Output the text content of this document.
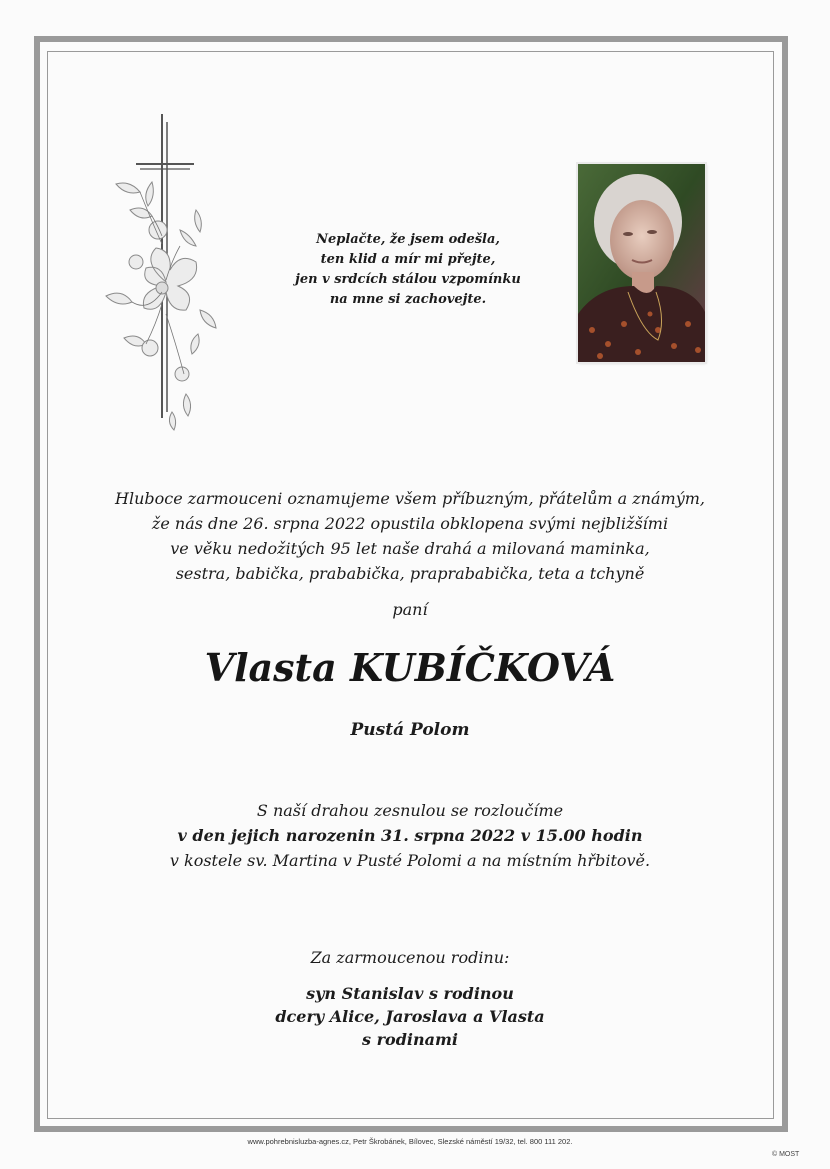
Neplačte, že jsem odešla,
ten klid a mír mi přejte,
jen v srdcích stálou vzpomínku
na mne si zachovejte.
Hluboce zarmouceni oznamujeme všem příbuzným, přátelům a známým,
že nás dne 26. srpna 2022 opustila obklopena svými nejbližšími
ve věku nedožitých 95 let naše drahá a milovaná maminka,
sestra, babička, prababička, praprababička, teta a tchyně
paní
Vlasta KUBÍČKOVÁ
Pustá Polom
S naší drahou zesnulou se rozloučíme
v den jejich narozenin 31. srpna 2022 v 15.00 hodin
v kostele sv. Martina v Pusté Polomi a na místním hřbitově.
Za zarmoucenou rodinu:
syn Stanislav s rodinou
dcery Alice, Jaroslava a Vlasta
s rodinami
www.pohrebnisluzba-agnes.cz, Petr Škrobánek, Bílovec, Slezské náměstí 19/32, tel. 800 111 202.
© MOST
